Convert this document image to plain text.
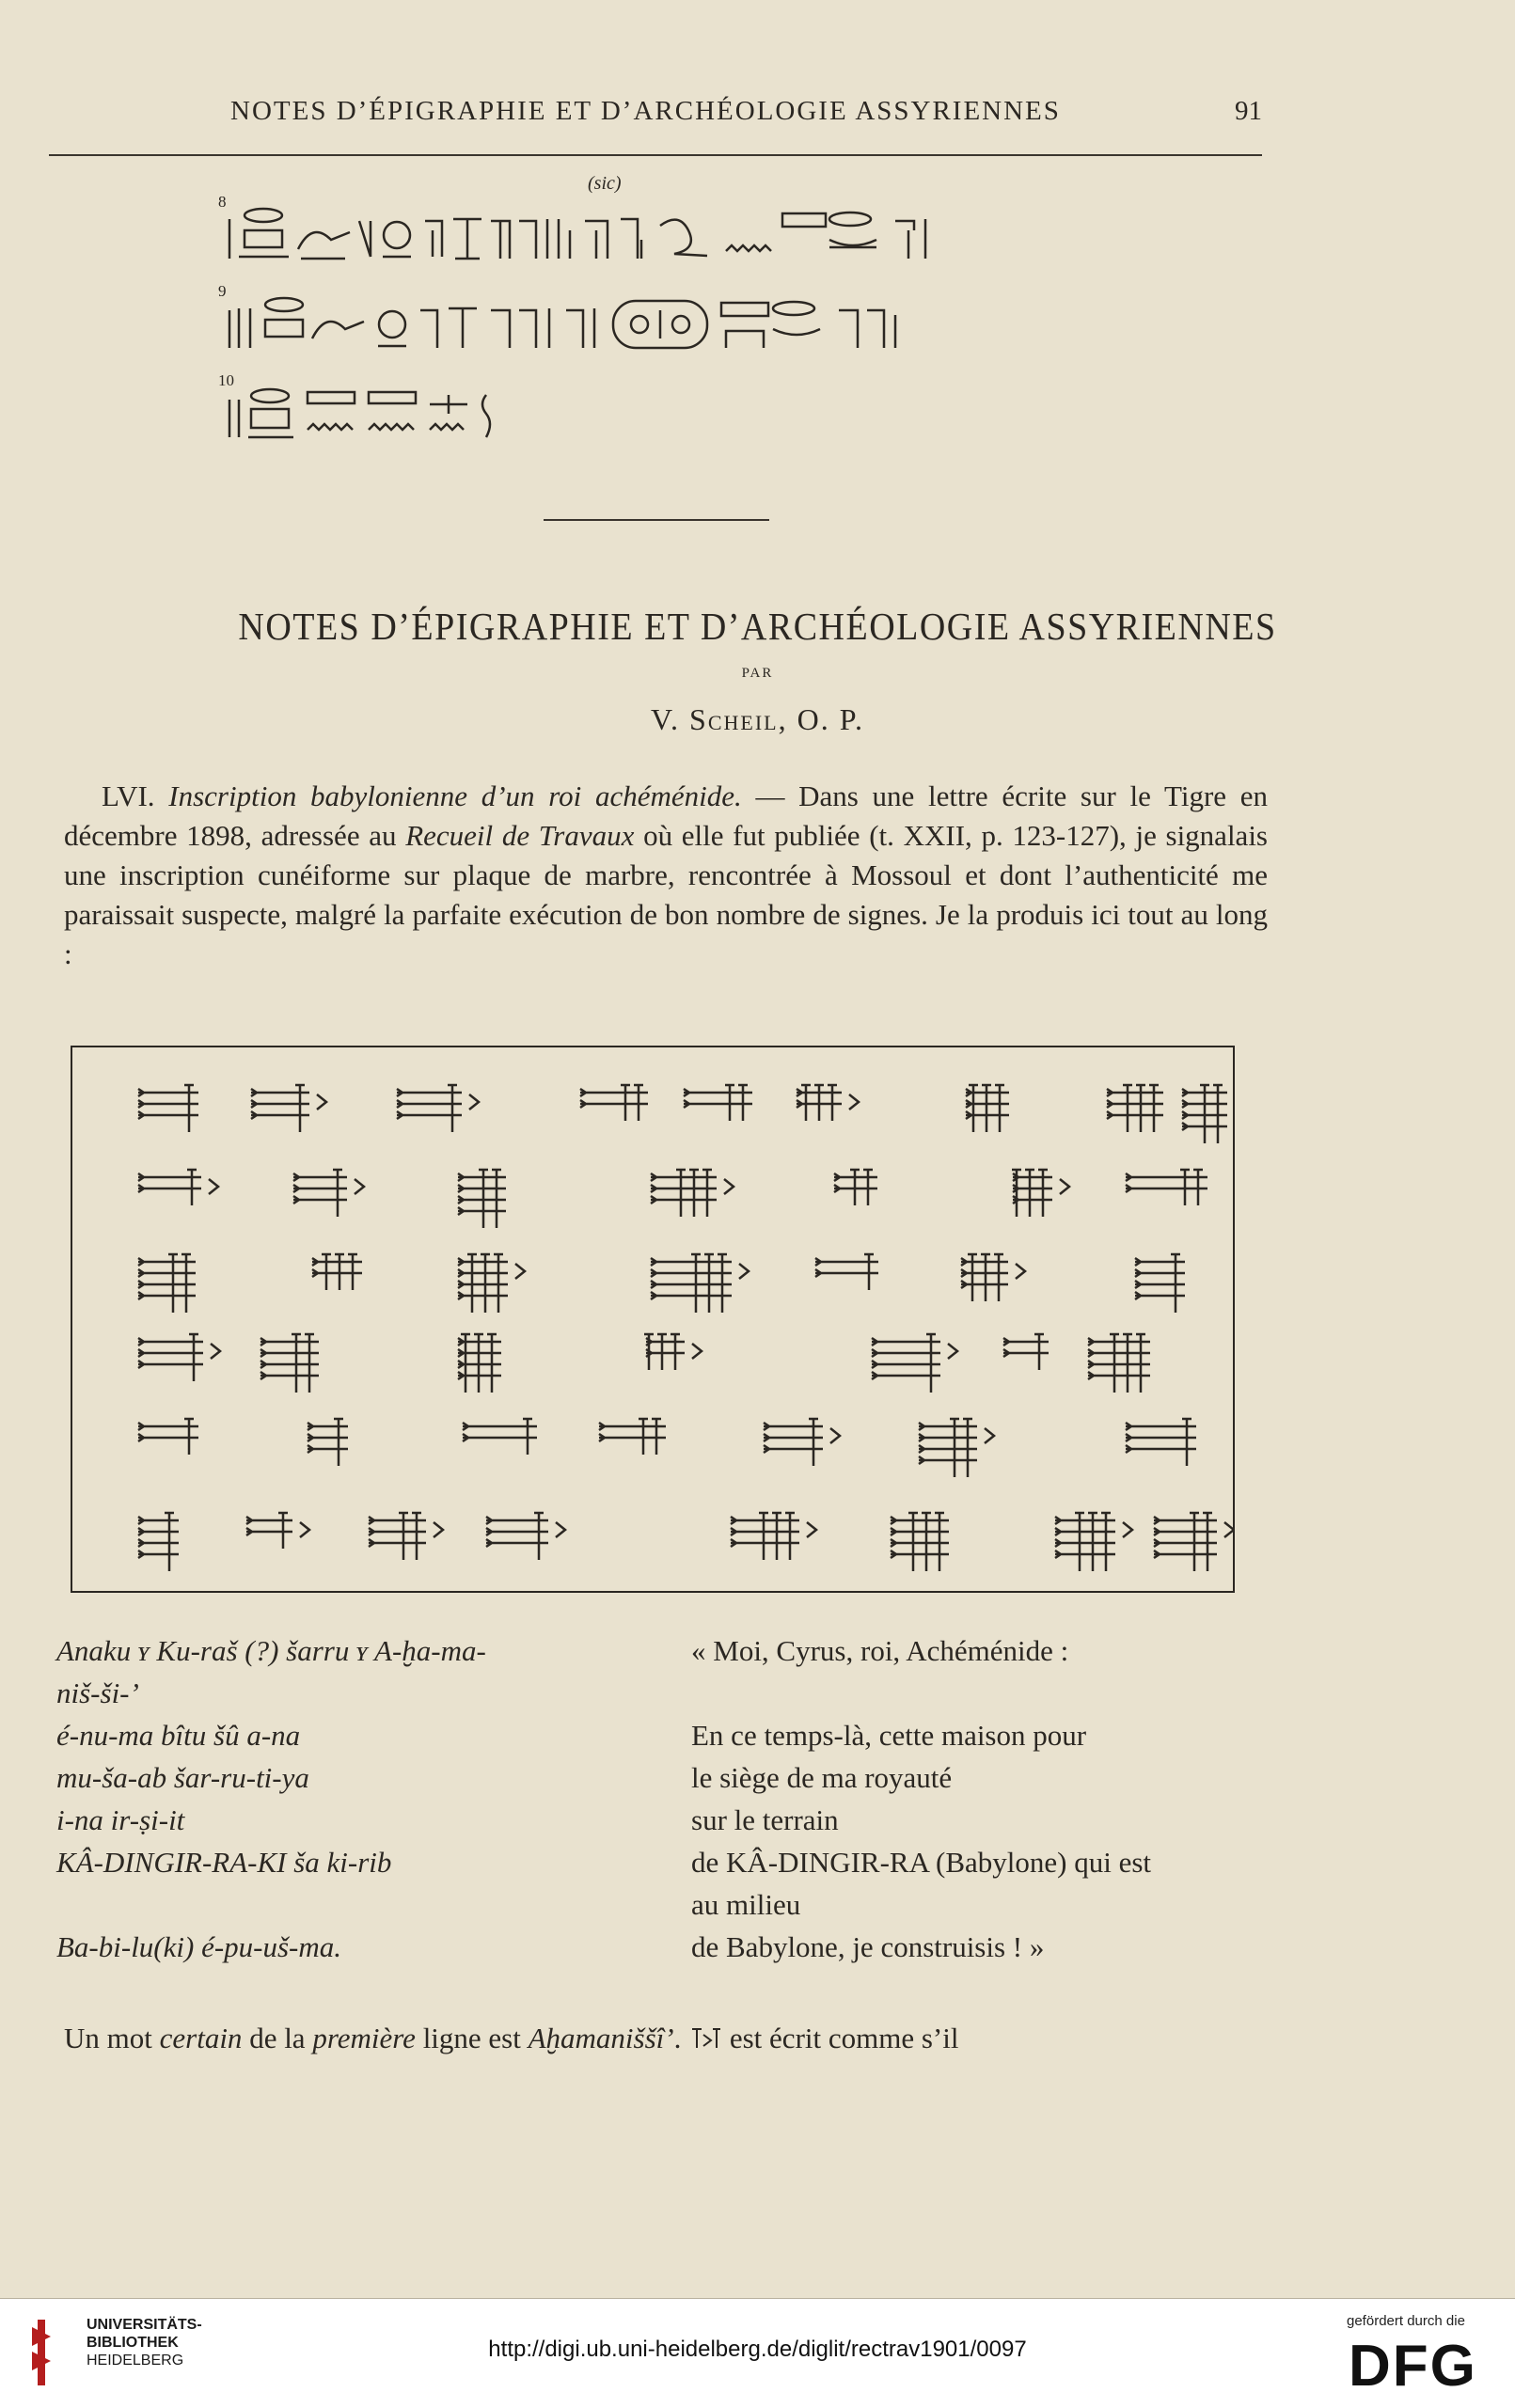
NOTES D’ÉPIGRAPHIE ET D’ARCHÉOLOGIE ASSYRIENNES	91
(sic)
8
9
10
NOTES D’ÉPIGRAPHIE ET D’ARCHÉOLOGIE ASSYRIENNES
PAR
V. Scheil, O. P.

LVI. Inscription babylonienne d’un roi achéménide. — Dans une lettre écrite sur le Tigre en décembre 1898, adressée au Recueil de Travaux où elle fut publiée (t. XXII, p. 123-127), je signalais une inscription cunéiforme sur plaque de marbre, rencontrée à Mossoul et dont l’authenticité me paraissait suspecte, malgré la parfaite exécution de bon nombre de signes. Je la produis ici tout au long :

Anaku ʏ Ku-raš (?) šarru ʏ A-ḫa-ma-
niš-ši-’
é-nu-ma bîtu šû a-na
mu-ša-ab šar-ru-ti-ya
i-na ir-ṣi-it
KÂ-DINGIR-RA-KI ša ki-rib
Ba-bi-lu(ki) é-pu-uš-ma.
« Moi, Cyrus, roi, Achéménide :
En ce temps-là, cette maison pour
le siège de ma royauté
sur le terrain
de KÂ-DINGIR-RA (Babylone) qui est
au milieu
de Babylone, je construisis ! »
Un mot certain de la première ligne est Aḫamaniššî’.  est écrit comme s’il
UNIVERSITÄTS-
BIBLIOTHEK
HEIDELBERG	http://digi.ub.uni-heidelberg.de/diglit/rectrav1901/0097
gefördert durch die
DFG
